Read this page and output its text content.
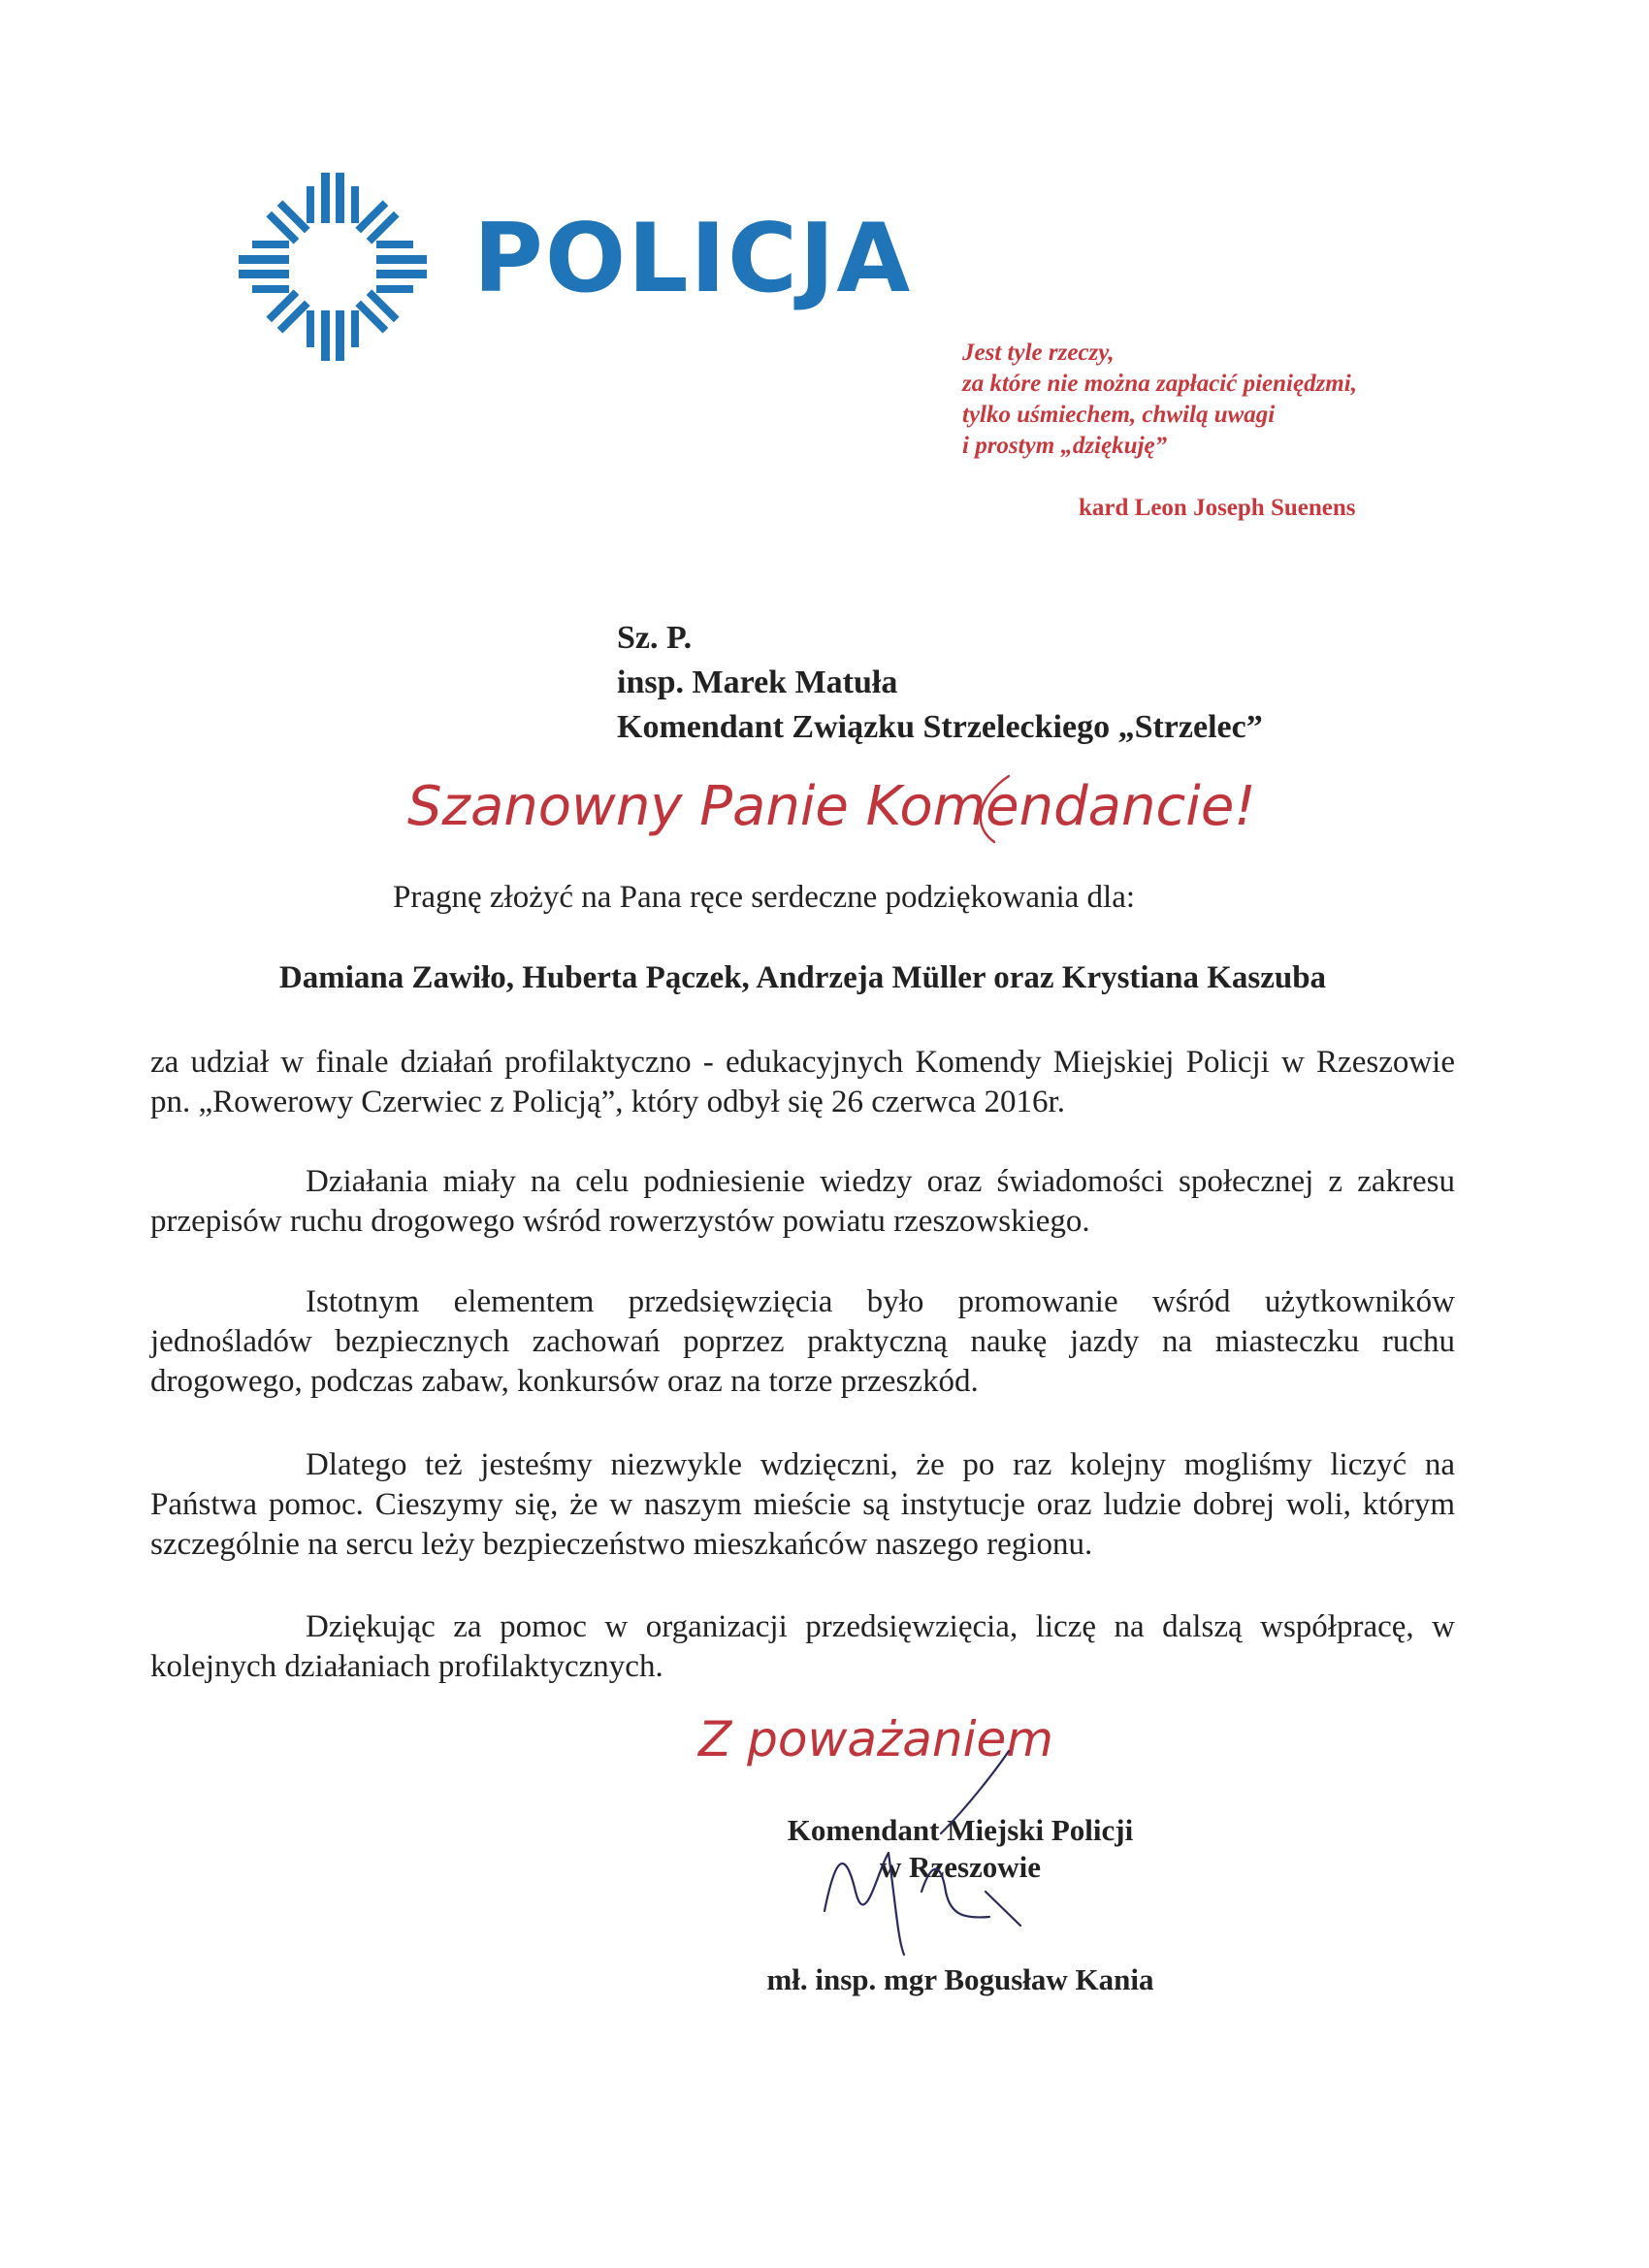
POLICJA
Jest tyle rzeczy,
za które nie można zapłacić pieniędzmi,
tylko uśmiechem, chwilą uwagi
i prostym „dziękuję”
kard Leon Joseph Suenens
Sz. P.
insp. Marek Matuła
Komendant Związku Strzeleckiego „Strzelec”
Szanowny Panie Komendancie!
Pragnę złożyć na Pana ręce serdeczne podziękowania dla:
Damiana Zawiło, Huberta Pączek, Andrzeja Müller oraz Krystiana Kaszuba
za udział w finale działań profilaktyczno - edukacyjnych Komendy Miejskiej Policji w Rzeszowie pn. „Rowerowy Czerwiec z Policją”, który odbył się 26 czerwca 2016r.
Działania miały na celu podniesienie wiedzy oraz świadomości społecznej z zakresu przepisów ruchu drogowego wśród rowerzystów powiatu rzeszowskiego.
Istotnym elementem przedsięwzięcia było promowanie wśród użytkowników jednośladów bezpiecznych zachowań poprzez praktyczną naukę jazdy na miasteczku ruchu drogowego, podczas zabaw, konkursów oraz na torze przeszkód.
Dlatego też jesteśmy niezwykle wdzięczni, że po raz kolejny mogliśmy liczyć na Państwa pomoc. Cieszymy się, że w naszym mieście są instytucje oraz ludzie dobrej woli, którym szczególnie na sercu leży bezpieczeństwo mieszkańców naszego regionu.
Dziękując za pomoc w organizacji przedsięwzięcia, liczę na dalszą współpracę, w kolejnych działaniach profilaktycznych.
Z poważaniem
Komendant Miejski Policji
w Rzeszowie
mł. insp. mgr Bogusław Kania
